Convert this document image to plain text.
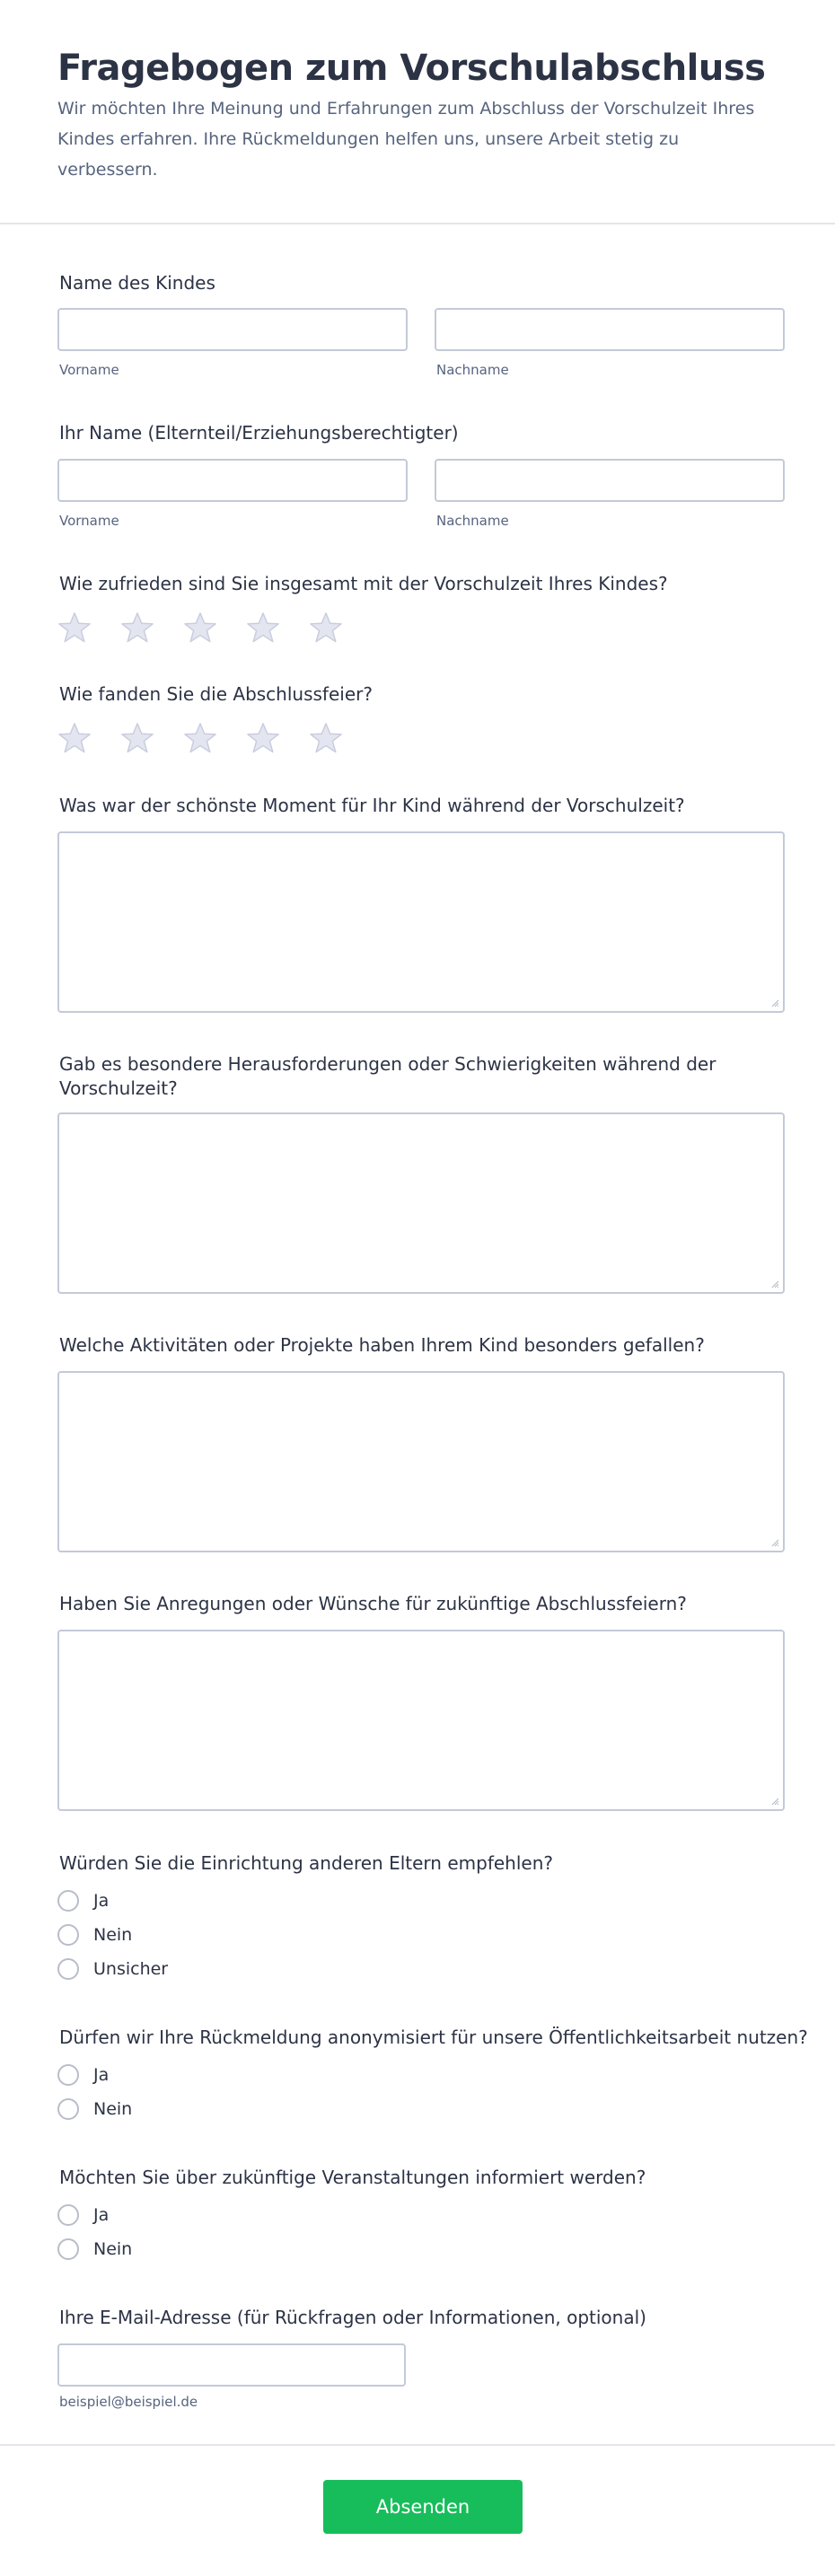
Fragebogen zum Vorschulabschluss

Wir möchten Ihre Meinung und Erfahrungen zum Abschluss der Vorschulzeit Ihres Kindes erfahren. Ihre Rückmeldungen helfen uns, unsere Arbeit stetig zu verbessern.

Name des Kindes
Vorname	Nachname
Ihr Name (Elternteil/Erziehungsberechtigter)
Vorname	Nachname
Wie zufrieden sind Sie insgesamt mit der Vorschulzeit Ihres Kindes?
Wie fanden Sie die Abschlussfeier?
Was war der schönste Moment für Ihr Kind während der Vorschulzeit?
Gab es besondere Herausforderungen oder Schwierigkeiten während der Vorschulzeit?
Welche Aktivitäten oder Projekte haben Ihrem Kind besonders gefallen?
Haben Sie Anregungen oder Wünsche für zukünftige Abschlussfeiern?
Würden Sie die Einrichtung anderen Eltern empfehlen?
Ja
Nein
Unsicher
Dürfen wir Ihre Rückmeldung anonymisiert für unsere Öffentlichkeitsarbeit nutzen?
Ja
Nein
Möchten Sie über zukünftige Veranstaltungen informiert werden?
Ja
Nein
Ihre E-Mail-Adresse (für Rückfragen oder Informationen, optional)
beispiel@beispiel.de
Absenden
